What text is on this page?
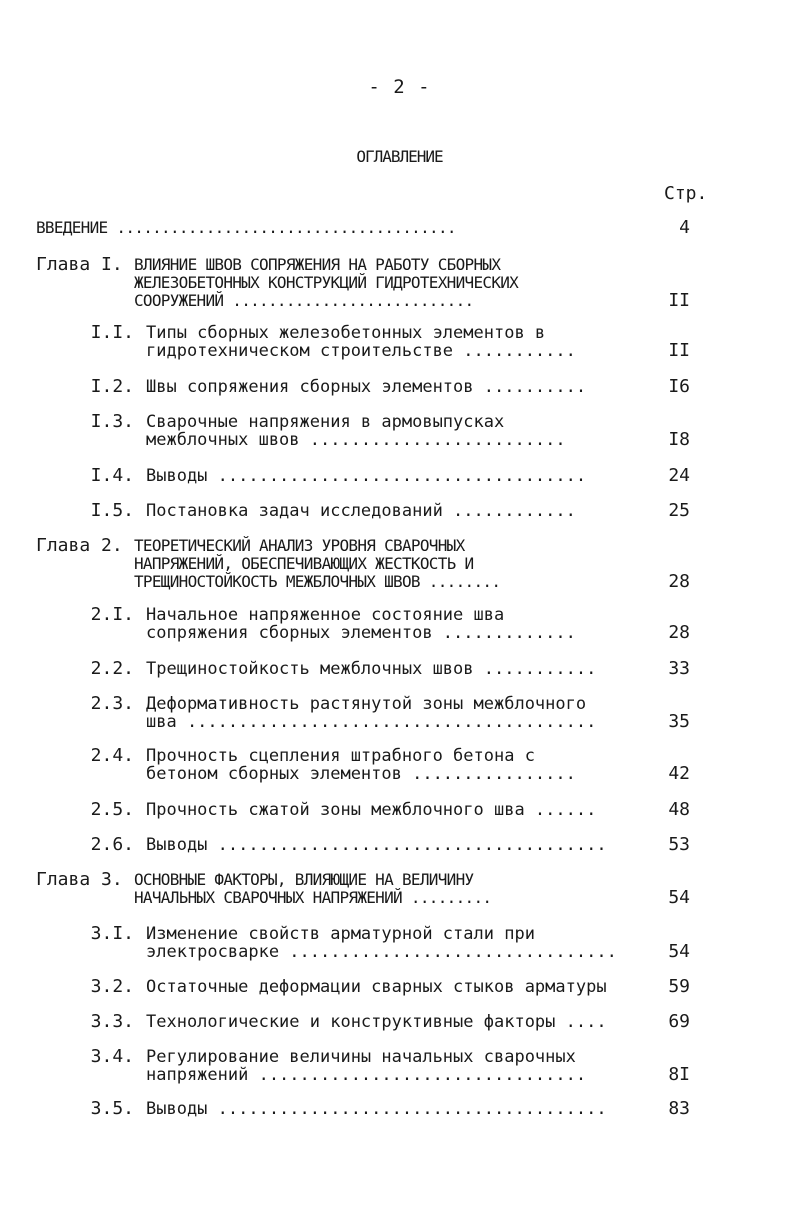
- 2 -
ОГЛАВЛЕНИЕ
Стр.
ВВЕДЕНИЕ ......................................	4
Глава I. ВЛИЯНИЕ ШВОВ СОПРЯЖЕНИЯ НА РАБОТУ СБОРНЫХ
ЖЕЛЕЗОБЕТОННЫХ КОНСТРУКЦИЙ ГИДРОТЕХНИЧЕСКИХ
СООРУЖЕНИЙ ...........................	II
I.I. Типы сборных железобетонных элементов в
гидротехническом строительстве ...........	II
I.2. Швы сопряжения сборных элементов ..........	I6
I.3. Сварочные напряжения в армовыпусках
межблочных швов .........................	I8
I.4. Выводы ....................................	24
I.5. Постановка задач исследований ............	25
Глава 2. ТЕОРЕТИЧЕСКИЙ АНАЛИЗ УРОВНЯ СВАРОЧНЫХ
НАПРЯЖЕНИЙ, ОБЕСПЕЧИВАЮЩИХ ЖЕСТКОСТЬ И
ТРЕЩИНОСТОЙКОСТЬ МЕЖБЛОЧНЫХ ШВОВ ........	28
2.I. Начальное напряженное состояние шва
сопряжения сборных элементов .............	28
2.2. Трещиностойкость межблочных швов ...........	33
2.3. Деформативность растянутой зоны межблочного
шва ........................................	35
2.4. Прочность сцепления штрабного бетона с
бетоном сборных элементов ................	42
2.5. Прочность сжатой зоны межблочного шва ......	48
2.6. Выводы ......................................	53
Глава 3. ОСНОВНЫЕ ФАКТОРЫ, ВЛИЯЮЩИЕ НА ВЕЛИЧИНУ
НАЧАЛЬНЫХ СВАРОЧНЫХ НАПРЯЖЕНИЙ .........	54
3.I. Изменение свойств арматурной стали при
электросварке ................................	54
3.2. Остаточные деформации сварных стыков арматуры	59
3.3. Технологические и конструктивные факторы ....	69
3.4. Регулирование величины начальных сварочных
напряжений ................................	8I
3.5. Выводы ......................................	83
